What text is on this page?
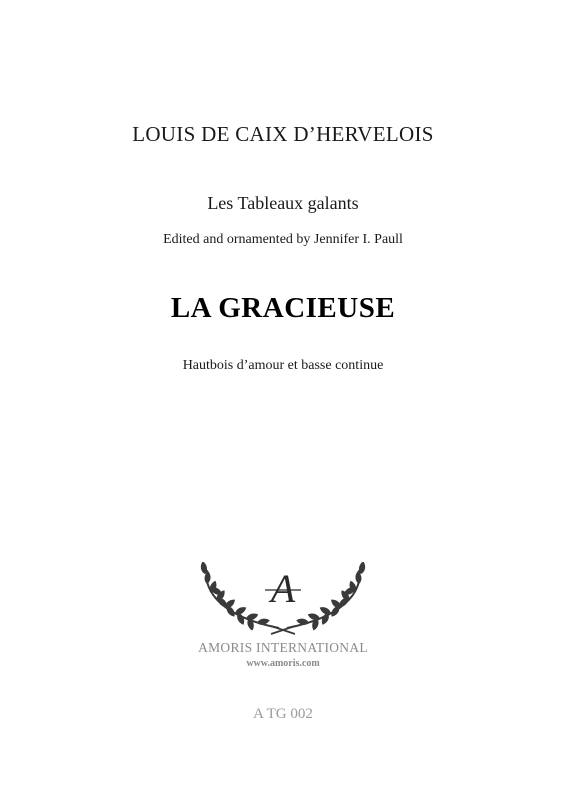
LOUIS DE CAIX D’HERVELOIS
Les Tableaux galants
Edited and ornamented by Jennifer I. Paull
LA GRACIEUSE
Hautbois d’amour et basse continue
A
AMORIS INTERNATIONAL
www.amoris.com
A TG 002
